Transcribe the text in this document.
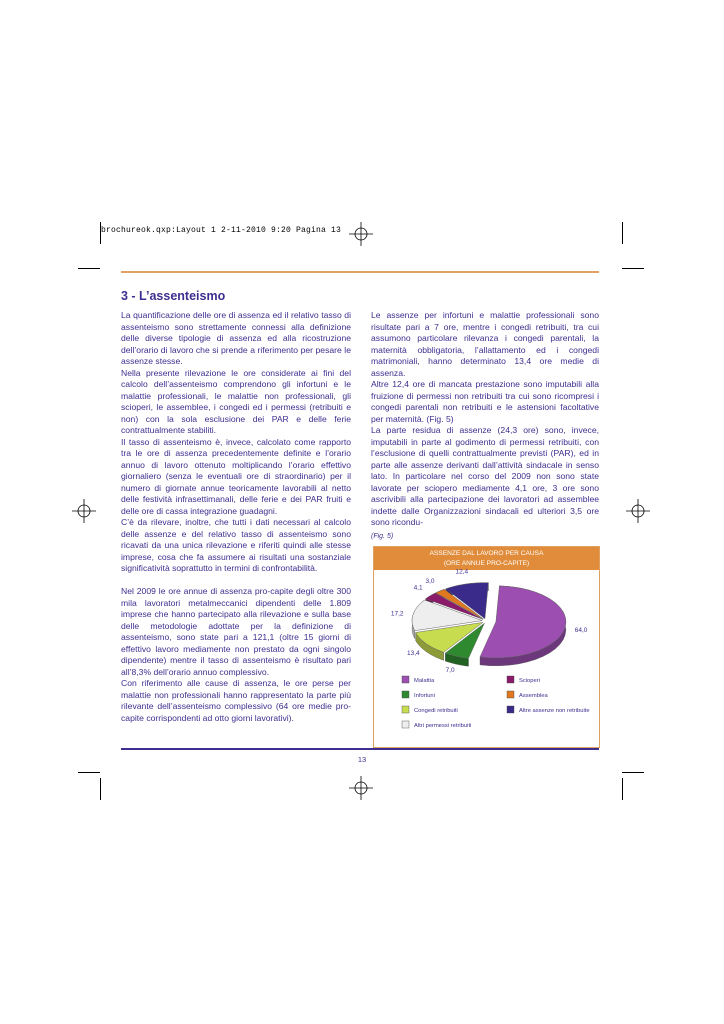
brochureok.qxp:Layout 1 2-11-2010 9:20 Pagina 13
3 - L’assenteismo

La quantificazione delle ore di assenza ed il relativo tasso di assenteismo sono strettamente connessi alla definizione delle diverse tipologie di assenza ed alla ricostruzione dell’orario di lavoro che si prende a riferimento per pesare le assenze stesse.

Nella presente rilevazione le ore considerate ai fini del calcolo dell’assenteismo comprendono gli infortuni e le malattie professionali, le malattie non professionali, gli scioperi, le assemblee, i congedi ed i permessi (retribuiti e non) con la sola esclusione dei PAR e delle ferie contrattualmente stabiliti.

Il tasso di assenteismo è, invece, calcolato come rapporto tra le ore di assenza precedentemente definite e l’orario annuo di lavoro ottenuto moltiplicando l’orario effettivo giornaliero (senza le eventuali ore di straordinario) per il numero di giornate annue teoricamente lavorabili al netto delle festività infrasettimanali, delle ferie e dei PAR fruiti e delle ore di cassa integrazione guadagni.

C’è da rilevare, inoltre, che tutti i dati necessari al calcolo delle assenze e del relativo tasso di assenteismo sono ricavati da una unica rilevazione e riferiti quindi alle stesse imprese, cosa che fa assumere ai risultati una sostanziale significatività soprattutto in termini di confrontabilità.

Nel 2009 le ore annue di assenza pro-capite degli oltre 300 mila lavoratori metalmeccanici dipendenti delle 1.809 imprese che hanno partecipato alla rilevazione e sulla base delle metodologie adottate per la definizione di assenteismo, sono state pari a 121,1 (oltre 15 giorni di effettivo lavoro mediamente non prestato da ogni singolo dipendente) mentre il tasso di assenteismo è risultato pari all’8,3% dell’orario annuo complessivo.

Con riferimento alle cause di assenza, le ore perse per malattie non professionali hanno rappresentato la parte più rilevante dell’assenteismo complessivo (64 ore medie pro-capite corrispondenti ad otto giorni lavorativi).

Le assenze per infortuni e malattie professionali sono risultate pari a 7 ore, mentre i congedi retribuiti, tra cui assumono particolare rilevanza i congedi parentali, la maternità obbligatoria, l’allattamento ed i congedi matrimoniali, hanno determinato 13,4 ore medie di assenza.

Altre 12,4 ore di mancata prestazione sono imputabili alla fruizione di permessi non retribuiti tra cui sono ricompresi i congedi parentali non retribuiti e le astensioni facoltative per maternità. (Fig. 5)

La parte residua di assenze (24,3 ore) sono, invece, imputabili in parte al godimento di permessi retribuiti, con l’esclusione di quelli contrattualmente previsti (PAR), ed in parte alle assenze derivanti dall’attività sindacale in senso lato. In particolare nel corso del 2009 non sono state lavorate per sciopero mediamente 4,1 ore, 3 ore sono ascrivibili alla partecipazione dei lavoratori ad assemblee indette dalle Organizzazioni sindacali ed ulteriori 3,5 ore sono ricondu-

(Fig. 5)
ASSENZE DAL LAVORO PER CAUSA
(ORE ANNUE PRO-CAPITE)
64,0
7,0
13,4
17,2
4,1
3,0
12,4
Malattia
Infortuni
Congedi retribuiti
Altri permessi retribuiti
Scioperi
Assemblea
Altre assenze non retribuite
13
